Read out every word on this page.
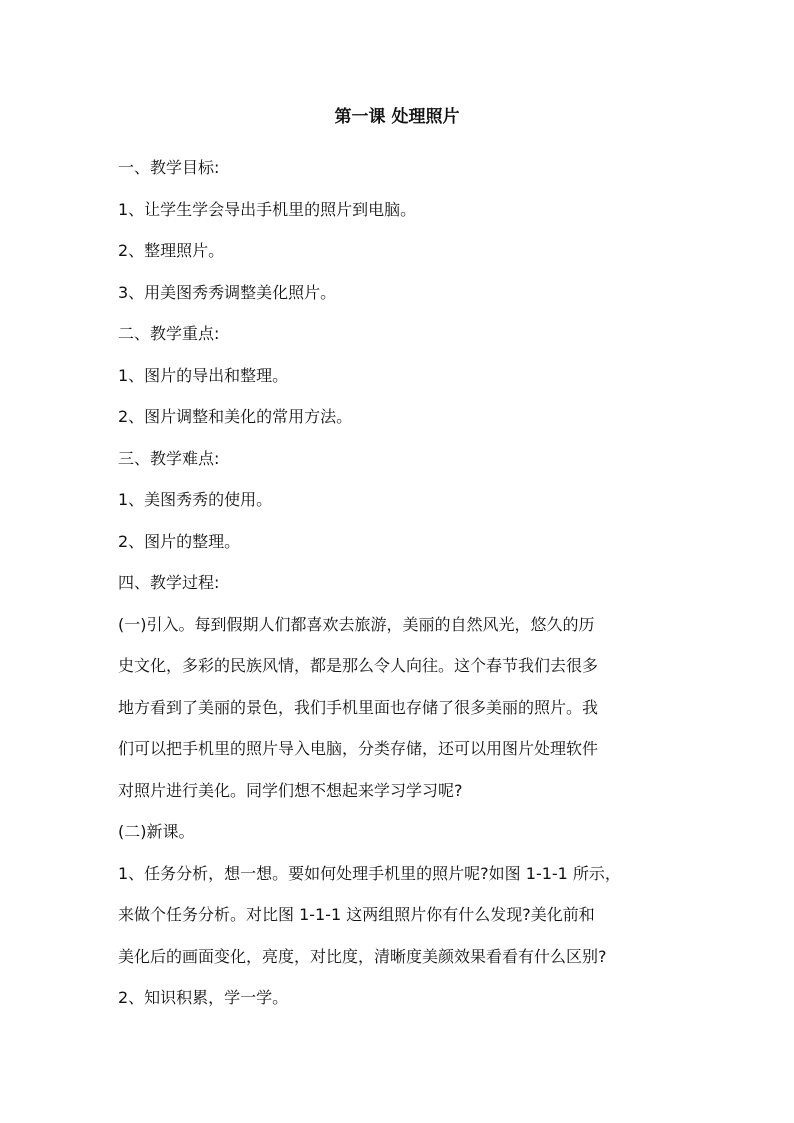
第一课 处理照片
一、教学目标:
1、让学生学会导出手机里的照片到电脑。
2、整理照片。
3、用美图秀秀调整美化照片。
二、教学重点:
1、图片的导出和整理。
2、图片调整和美化的常用方法。
三、教学难点:
1、美图秀秀的使用。
2、图片的整理。
四、教学过程:
(一)引入。每到假期人们都喜欢去旅游，美丽的自然风光，悠久的历
史文化，多彩的民族风情，都是那么令人向往。这个春节我们去很多
地方看到了美丽的景色，我们手机里面也存储了很多美丽的照片。我
们可以把手机里的照片导入电脑，分类存储，还可以用图片处理软件
对照片进行美化。同学们想不想起来学习学习呢?
(二)新课。
1、任务分析，想一想。要如何处理手机里的照片呢?如图 1-1-1 所示，
来做个任务分析。对比图 1-1-1 这两组照片你有什么发现?美化前和
美化后的画面变化，亮度，对比度，清晰度美颜效果看看有什么区别?
2、知识积累，学一学。
